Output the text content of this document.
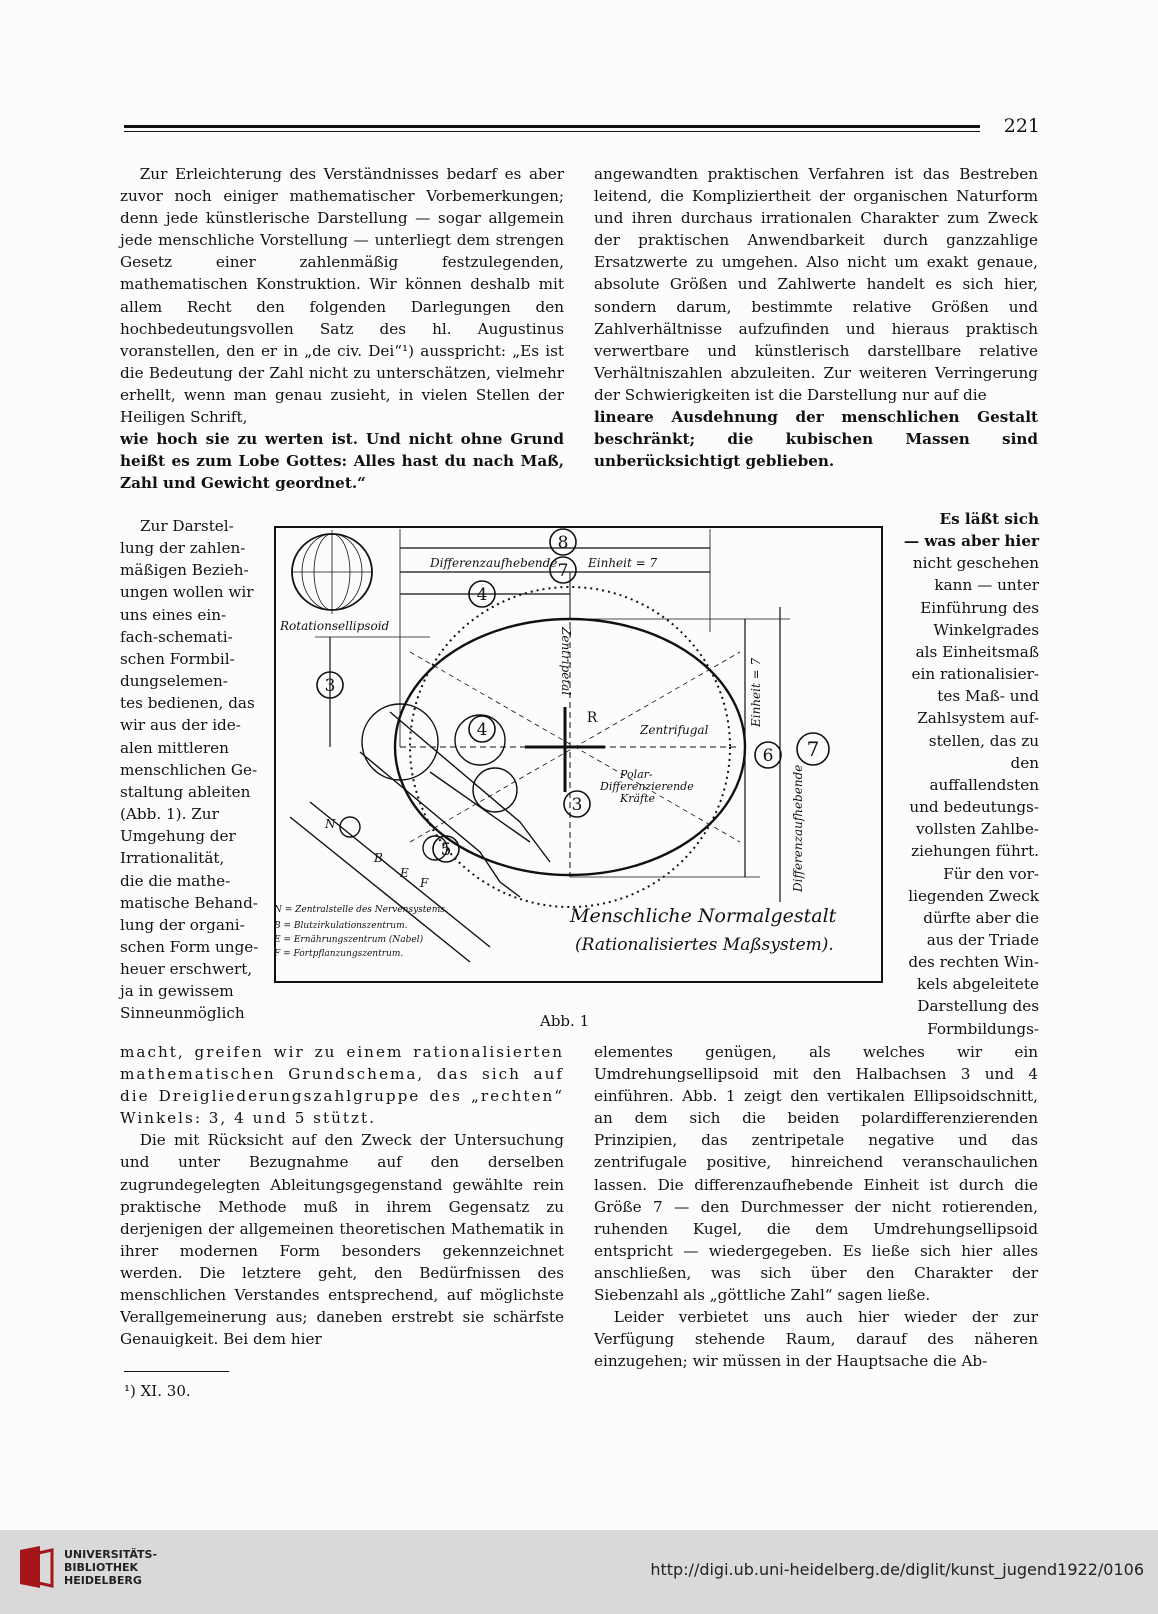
221

Zur Erleichterung des Verständnisses bedarf es aber zuvor noch einiger mathematischer Vorbemerkungen; denn jede künstlerische Darstellung — sogar allgemein jede menschliche Vorstellung — unterliegt dem strengen Gesetz einer zahlenmäßig festzulegenden, mathematischen Konstruktion. Wir können deshalb mit allem Recht den folgenden Darlegungen den hochbedeutungsvollen Satz des hl. Augustinus voranstellen, den er in „de civ. Dei“¹) ausspricht: „Es ist die Bedeutung der Zahl nicht zu unterschätzen, vielmehr erhellt, wenn man genau zusieht, in vielen Stellen der Heiligen Schrift,

wie hoch sie zu werten ist. Und nicht ohne Grund heißt es zum Lobe Gottes: Alles hast du nach Maß, Zahl und Gewicht geordnet.“

angewandten praktischen Verfahren ist das Bestreben leitend, die Kompliziertheit der organischen Naturform und ihren durchaus irrationalen Charakter zum Zweck der praktischen Anwendbarkeit durch ganzzahlige Ersatzwerte zu umgehen. Also nicht um exakt genaue, absolute Größen und Zahlwerte handelt es sich hier, sondern darum, bestimmte relative Größen und Zahlverhältnisse aufzufinden und hieraus praktisch verwertbare und künstlerisch darstellbare relative Verhältniszahlen abzuleiten. Zur weiteren Verringerung der Schwierigkeiten ist die Darstellung nur auf die

lineare Ausdehnung der menschlichen Gestalt beschränkt; die kubischen Massen sind unberücksichtigt geblieben.

Zur Darstel-
lung der zahlen-
mäßigen Bezieh-
ungen wollen wir
uns eines ein-
fach-schemati-
schen Formbil-
dungselemen-
tes bedienen, das
wir aus der ide-
alen mittleren
menschlichen Ge-
staltung ableiten
(Abb. 1). Zur
Umgehung der
Irrationalität,
die die mathe-
matische Behand-
lung der organi-
schen Form unge-
heuer erschwert,
ja in gewissem
Sinneunmöglich
Es läßt sich
— was aber hier
nicht geschehen
kann — unter
Einführung des
Winkelgrades
als Einheitsmaß
ein rationalisier-
tes Maß- und
Zahlsystem auf-
stellen, das zu den
auffallendsten
und bedeutungs-
vollsten Zahlbe-
ziehungen führt.
Für den vor-
liegenden Zweck
dürfte aber die
aus der Triade
des rechten Win-
kels abgeleitete
Darstellung des
Formbildungs-
Rotationsellipsoid
8
7
4
3
4
3
5
6 7
R
Differenzaufhebende	Einheit = 7
Zentrifugal
Polar-
Differenzierende
Kräfte
Zentripetal	Einheit = 7
Differenzaufhebende
Menschliche Normalgestalt
(Rationalisiertes Maßsystem).
N = Zentralstelle des Nervensystems.
B = Blutzirkulationszentrum.
E = Ernährungszentrum (Nabel)
F = Fortpflanzungszentrum.
N
B
E
F
Abb. 1

macht, greifen wir zu einem rationalisierten mathematischen Grundschema, das sich auf die Dreigliederungszahlgruppe des „rechten“ Winkels: 3, 4 und 5 stützt.

Die mit Rücksicht auf den Zweck der Untersuchung und unter Bezugnahme auf den derselben zugrundegelegten Ableitungsgegenstand gewählte rein praktische Methode muß in ihrem Gegensatz zu derjenigen der allgemeinen theoretischen Mathematik in ihrer modernen Form besonders gekennzeichnet werden. Die letztere geht, den Bedürfnissen des menschlichen Verstandes entsprechend, auf möglichste Verallgemeinerung aus; daneben erstrebt sie schärfste Genauigkeit. Bei dem hier

elementes genügen, als welches wir ein Umdrehungsellipsoid mit den Halbachsen 3 und 4 einführen. Abb. 1 zeigt den vertikalen Ellipsoidschnitt, an dem sich die beiden polardifferenzierenden Prinzipien, das zentripetale negative und das zentrifugale positive, hinreichend veranschaulichen lassen. Die differenzaufhebende Einheit ist durch die Größe 7 — den Durchmesser der nicht rotierenden, ruhenden Kugel, die dem Umdrehungsellipsoid entspricht — wiedergegeben. Es ließe sich hier alles anschließen, was sich über den Charakter der Siebenzahl als „göttliche Zahl“ sagen ließe.

Leider verbietet uns auch hier wieder der zur Verfügung stehende Raum, darauf des näheren einzugehen; wir müssen in der Hauptsache die Ab-

¹) XI. 30.
UNIVERSITÄTS-
BIBLIOTHEK
HEIDELBERG
http://digi.ub.uni-heidelberg.de/diglit/kunst_jugend1922/0106
